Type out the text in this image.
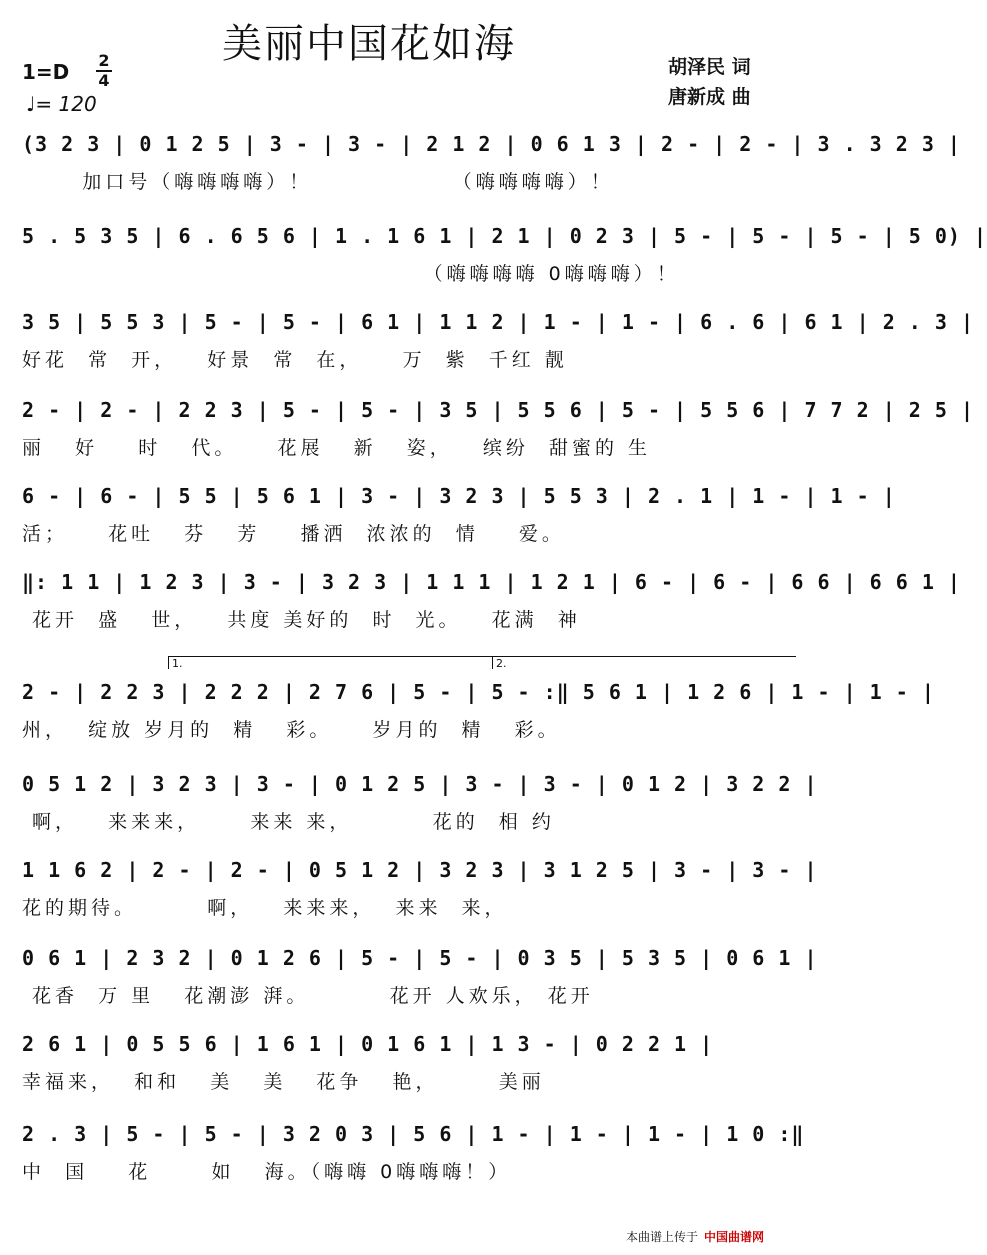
美丽中国花如海
1=D 2
4
♩= 120
胡泽民 词
唐新成 曲
(3 2 3 | 0 1 2 5 | 3 - | 3 - | 2 1 2 | 0 6 1 3 | 2 - | 2 - | 3 . 3 2 3 |
加口号（嗨嗨嗨嗨）！              （嗨嗨嗨嗨）！
5 . 5 3 5 | 6 . 6 5 6 | 1 . 1 6 1 | 2 1 | 0 2 3 | 5 - | 5 - | 5 - | 5 0) |
（嗨嗨嗨嗨 0嗨嗨嗨）！
3 5 | 5 5 3 | 5 - | 5 - | 6 1 | 1 1 2 | 1 - | 1 - | 6 . 6 | 6 1 | 2 . 3 |
好花  常  开，   好景  常  在，    万  紫  千红 靓
2 - | 2 - | 2 2 3 | 5 - | 5 - | 3 5 | 5 5 6 | 5 - | 5 5 6 | 7 7 2 | 2 5 |
丽   好    时   代。    花展   新   姿，   缤纷  甜蜜的 生
6 - | 6 - | 5 5 | 5 6 1 | 3 - | 3 2 3 | 5 5 3 | 2 . 1 | 1 - | 1 - |
活；    花吐   芬   芳    播洒  浓浓的  情    爱。
‖: 1 1 | 1 2 3 | 3 - | 3 2 3 | 1 1 1 | 1 2 1 | 6 - | 6 - | 6 6 | 6 6 1 |
花开  盛   世，   共度 美好的  时  光。   花满  神
2 - | 2 2 3 | 2 2 2 | 2 7 6 | 5 - | 5 - :‖ 5 6 1 | 1 2 6 | 1 - | 1 - |
州，  绽放 岁月的  精   彩。    岁月的  精   彩。
0 5 1 2 | 3 2 3 | 3 - | 0 1 2 5 | 3 - | 3 - | 0 1 2 | 3 2 2 |
啊，   来来来，     来来 来，        花的  相 约
1 1 6 2 | 2 - | 2 - | 0 5 1 2 | 3 2 3 | 3 1 2 5 | 3 - | 3 - |
花的期待。       啊，   来来来，  来来  来，
0 6 1 | 2 3 2 | 0 1 2 6 | 5 - | 5 - | 0 3 5 | 5 3 5 | 0 6 1 |
花香  万 里   花潮澎 湃。        花开 人欢乐， 花开
2 6 1 | 0 5 5 6 | 1 6 1 | 0 1 6 1 | 1 3 - | 0 2 2 1 |
幸福来，  和和   美   美   花争   艳，      美丽
2 . 3 | 5 - | 5 - | 3 2 0 3 | 5 6 | 1 - | 1 - | 1 - | 1 0 :‖
中  国    花      如   海。（嗨嗨 0嗨嗨嗨！）
1.	2.
本曲谱上传于 中国曲谱网
